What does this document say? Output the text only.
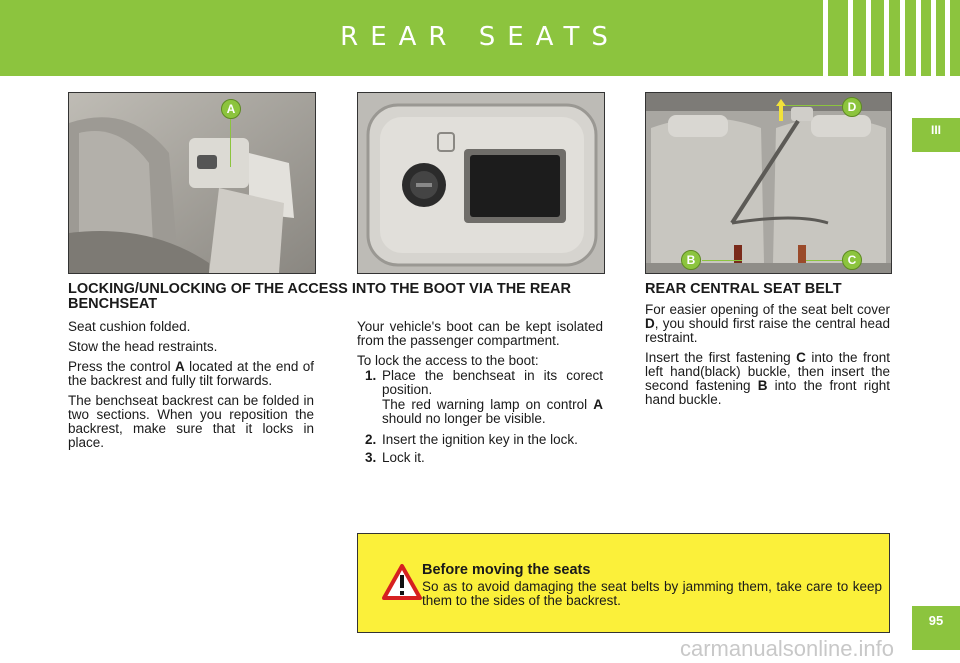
REAR SEATS
III
95
A	D
B	C
LOCKING/UNLOCKING OF THE ACCESS INTO THE BOOT VIA THE REAR BENCHSEAT

Seat cushion folded.

Stow the head restraints.

Press the control A located at the end of the backrest and fully tilt forwards.

The benchseat backrest can be folded in two sections. When you reposition the backrest, make sure that it locks in place.

Your vehicle's boot can be kept isolated from the passenger compartment.

To lock the access to the boot:

1. Place the benchseat in its corect position.
The red warning lamp on control A should no longer be visible.
2. Insert the ignition key in the lock.
3. Lock it.
REAR CENTRAL SEAT BELT

For easier opening of the seat belt cover D, you should first raise the central head restraint.

Insert the first fastening C into the front left hand(black) buckle, then insert the second fastening B into the front right hand buckle.

Before moving the seats
So as to avoid damaging the seat belts by jamming them, take care to keep them to the sides of the backrest.
carmanualsonline.info
